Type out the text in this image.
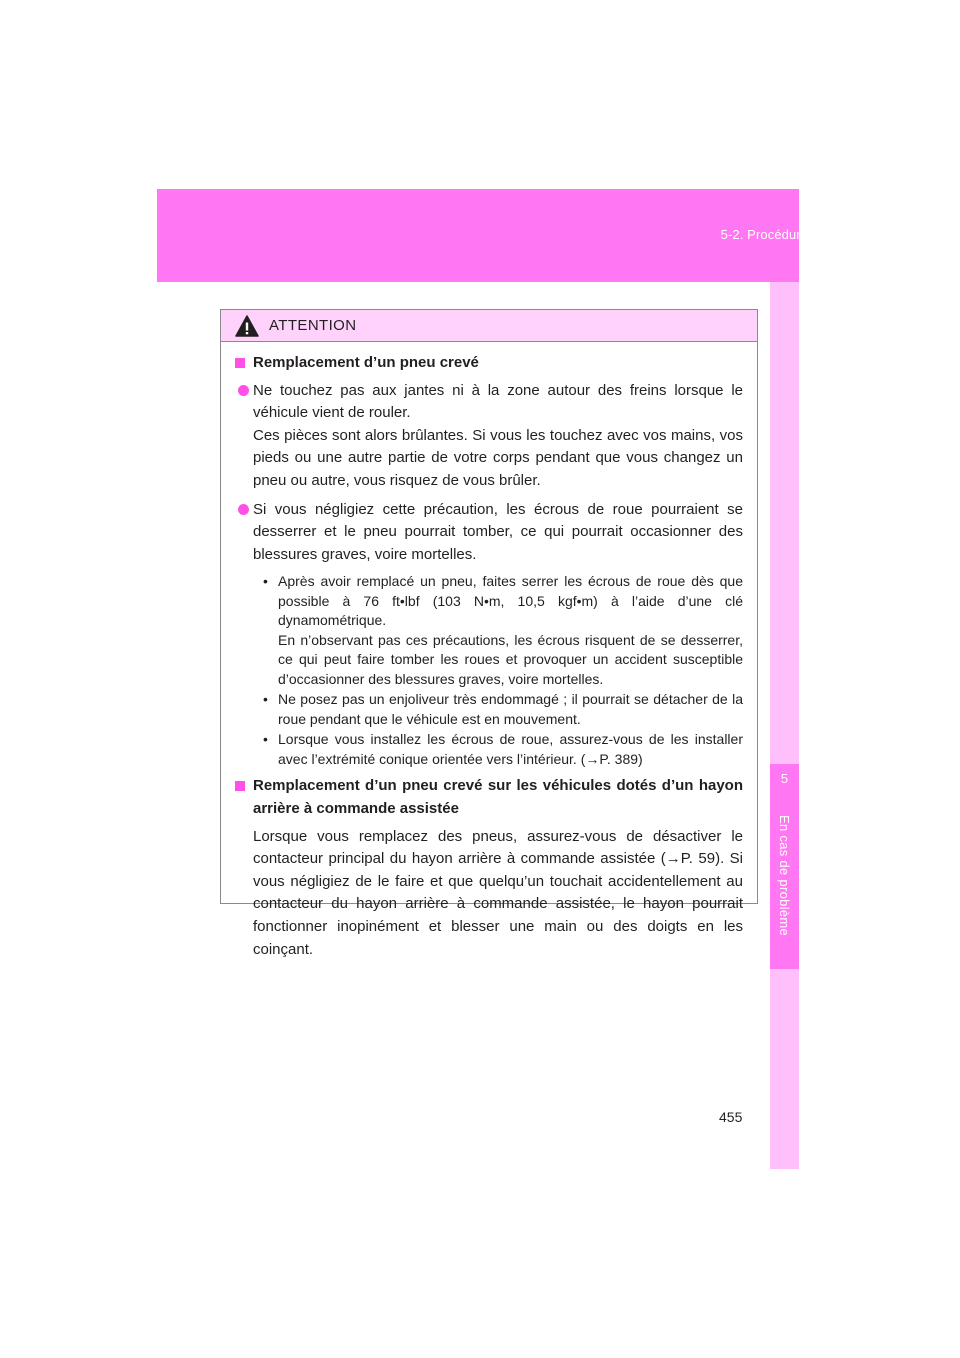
5-2. Procédures en cas d’urgence
5
En cas de problème
ATTENTION
Remplacement d’un pneu crevé

Ne touchez pas aux jantes ni à la zone autour des freins lorsque le véhicule vient de rouler.

Ces pièces sont alors brûlantes. Si vous les touchez avec vos mains, vos pieds ou une autre partie de votre corps pendant que vous changez un pneu ou autre, vous risquez de vous brûler.

Si vous négligiez cette précaution, les écrous de roue pourraient se desserrer et le pneu pourrait tomber, ce qui pourrait occasionner des blessures graves, voire mortelles.

• Après avoir remplacé un pneu, faites serrer les écrous de roue dès que possible à 76 ft•lbf (103 N•m, 10,5 kgf•m) à l’aide d’une clé dynamométrique.

En n’observant pas ces précautions, les écrous risquent de se desserrer, ce qui peut faire tomber les roues et provoquer un accident susceptible d’occasionner des blessures graves, voire mortelles.

• Ne posez pas un enjoliveur très endommagé ; il pourrait se détacher de la roue pendant que le véhicule est en mouvement.

• Lorsque vous installez les écrous de roue, assurez-vous de les installer avec l’extrémité conique orientée vers l’intérieur. (→P. 389)

Remplacement d’un pneu crevé sur les véhicules dotés d’un hayon arrière à commande assistée
Lorsque vous remplacez des pneus, assurez-vous de désactiver le contacteur principal du hayon arrière à commande assistée (→P. 59). Si vous négligiez de le faire et que quelqu’un touchait accidentellement au contacteur du hayon arrière à commande assistée, le hayon pourrait fonctionner inopinément et blesser une main ou des doigts en les coinçant.
455
